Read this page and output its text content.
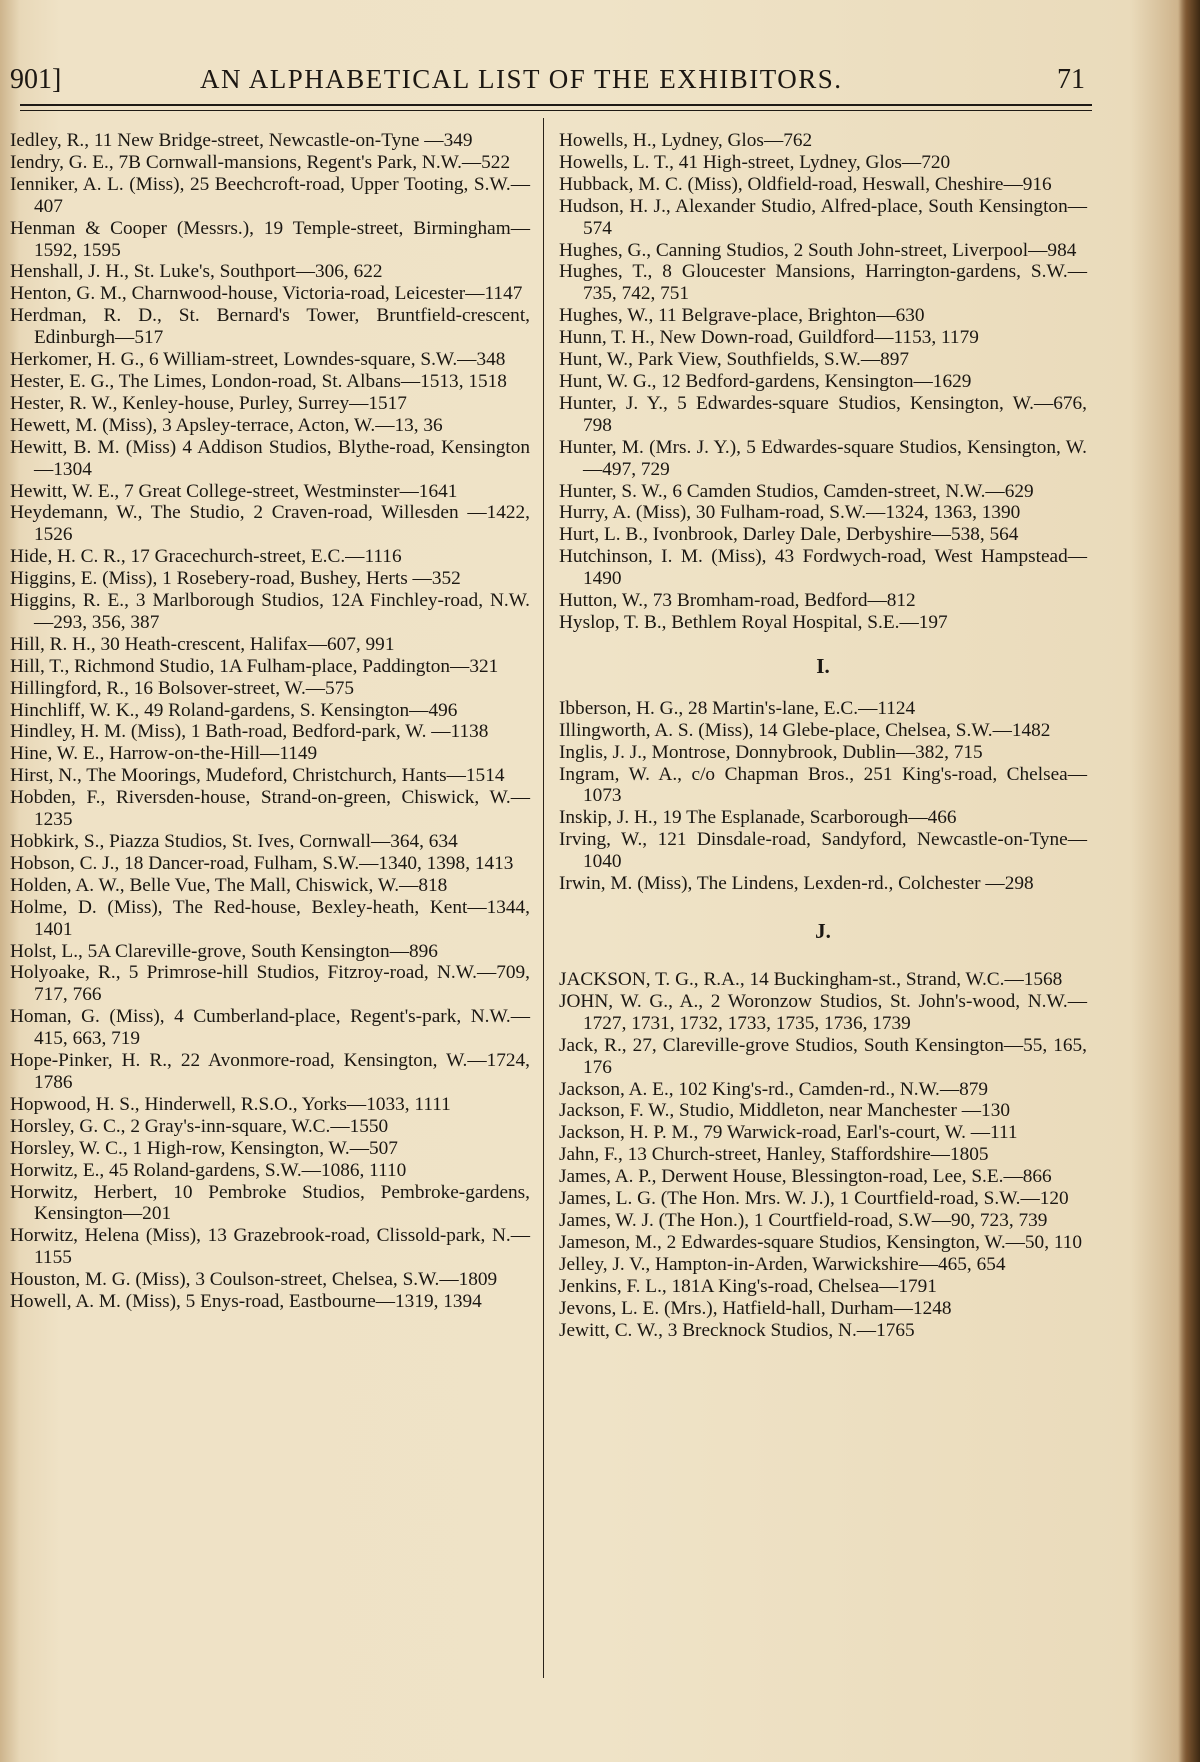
901]	AN ALPHABETICAL LIST OF THE EXHIBITORS.	71

Iedley, R., 11 New Bridge-street, Newcastle-on-Tyne —349

Iendry, G. E., 7B Cornwall-mansions, Regent's Park, N.W.—522

Ienniker, A. L. (Miss), 25 Beechcroft-road, Upper Tooting, S.W.—407

Henman & Cooper (Messrs.), 19 Temple-street, Birmingham—1592, 1595

Henshall, J. H., St. Luke's, Southport—306, 622

Henton, G. M., Charnwood-house, Victoria-road, Leicester—1147

Herdman, R. D., St. Bernard's Tower, Bruntfield-crescent, Edinburgh—517

Herkomer, H. G., 6 William-street, Lowndes-square, S.W.—348

Hester, E. G., The Limes, London-road, St. Albans—1513, 1518

Hester, R. W., Kenley-house, Purley, Surrey—1517

Hewett, M. (Miss), 3 Apsley-terrace, Acton, W.—13, 36

Hewitt, B. M. (Miss) 4 Addison Studios, Blythe-road, Kensington—1304

Hewitt, W. E., 7 Great College-street, Westminster—1641

Heydemann, W., The Studio, 2 Craven-road, Willesden —1422, 1526

Hide, H. C. R., 17 Gracechurch-street, E.C.—1116

Higgins, E. (Miss), 1 Rosebery-road, Bushey, Herts —352

Higgins, R. E., 3 Marlborough Studios, 12A Finchley-road, N.W.—293, 356, 387

Hill, R. H., 30 Heath-crescent, Halifax—607, 991

Hill, T., Richmond Studio, 1A Fulham-place, Paddington—321

Hillingford, R., 16 Bolsover-street, W.—575

Hinchliff, W. K., 49 Roland-gardens, S. Kensington—496

Hindley, H. M. (Miss), 1 Bath-road, Bedford-park, W. —1138

Hine, W. E., Harrow-on-the-Hill—1149

Hirst, N., The Moorings, Mudeford, Christchurch, Hants—1514

Hobden, F., Riversden-house, Strand-on-green, Chiswick, W.—1235

Hobkirk, S., Piazza Studios, St. Ives, Cornwall—364, 634

Hobson, C. J., 18 Dancer-road, Fulham, S.W.—1340, 1398, 1413

Holden, A. W., Belle Vue, The Mall, Chiswick, W.—818

Holme, D. (Miss), The Red-house, Bexley-heath, Kent—1344, 1401

Holst, L., 5A Clareville-grove, South Kensington—896

Holyoake, R., 5 Primrose-hill Studios, Fitzroy-road, N.W.—709, 717, 766

Homan, G. (Miss), 4 Cumberland-place, Regent's-park, N.W.—415, 663, 719

Hope-Pinker, H. R., 22 Avonmore-road, Kensington, W.—1724, 1786

Hopwood, H. S., Hinderwell, R.S.O., Yorks—1033, 1111

Horsley, G. C., 2 Gray's-inn-square, W.C.—1550

Horsley, W. C., 1 High-row, Kensington, W.—507

Horwitz, E., 45 Roland-gardens, S.W.—1086, 1110

Horwitz, Herbert, 10 Pembroke Studios, Pembroke-gardens, Kensington—201

Horwitz, Helena (Miss), 13 Grazebrook-road, Clissold-park, N.—1155

Houston, M. G. (Miss), 3 Coulson-street, Chelsea, S.W.—1809

Howell, A. M. (Miss), 5 Enys-road, Eastbourne—1319, 1394

Howells, H., Lydney, Glos—762

Howells, L. T., 41 High-street, Lydney, Glos—720

Hubback, M. C. (Miss), Oldfield-road, Heswall, Cheshire—916

Hudson, H. J., Alexander Studio, Alfred-place, South Kensington—574

Hughes, G., Canning Studios, 2 South John-street, Liverpool—984

Hughes, T., 8 Gloucester Mansions, Harrington-gardens, S.W.—735, 742, 751

Hughes, W., 11 Belgrave-place, Brighton—630

Hunn, T. H., New Down-road, Guildford—1153, 1179

Hunt, W., Park View, Southfields, S.W.—897

Hunt, W. G., 12 Bedford-gardens, Kensington—1629

Hunter, J. Y., 5 Edwardes-square Studios, Kensington, W.—676, 798

Hunter, M. (Mrs. J. Y.), 5 Edwardes-square Studios, Kensington, W.—497, 729

Hunter, S. W., 6 Camden Studios, Camden-street, N.W.—629

Hurry, A. (Miss), 30 Fulham-road, S.W.—1324, 1363, 1390

Hurt, L. B., Ivonbrook, Darley Dale, Derbyshire—538, 564

Hutchinson, I. M. (Miss), 43 Fordwych-road, West Hampstead—1490

Hutton, W., 73 Bromham-road, Bedford—812

Hyslop, T. B., Bethlem Royal Hospital, S.E.—197

I.

Ibberson, H. G., 28 Martin's-lane, E.C.—1124

Illingworth, A. S. (Miss), 14 Glebe-place, Chelsea, S.W.—1482

Inglis, J. J., Montrose, Donnybrook, Dublin—382, 715

Ingram, W. A., c/o Chapman Bros., 251 King's-road, Chelsea—1073

Inskip, J. H., 19 The Esplanade, Scarborough—466

Irving, W., 121 Dinsdale-road, Sandyford, Newcastle-on-Tyne—1040

Irwin, M. (Miss), The Lindens, Lexden-rd., Colchester —298

J.

JACKSON, T. G., R.A., 14 Buckingham-st., Strand, W.C.—1568

JOHN, W. G., A., 2 Woronzow Studios, St. John's-wood, N.W.—1727, 1731, 1732, 1733, 1735, 1736, 1739

Jack, R., 27, Clareville-grove Studios, South Kensington—55, 165, 176

Jackson, A. E., 102 King's-rd., Camden-rd., N.W.—879

Jackson, F. W., Studio, Middleton, near Manchester —130

Jackson, H. P. M., 79 Warwick-road, Earl's-court, W. —111

Jahn, F., 13 Church-street, Hanley, Staffordshire—1805

James, A. P., Derwent House, Blessington-road, Lee, S.E.—866

James, L. G. (The Hon. Mrs. W. J.), 1 Courtfield-road, S.W.—120

James, W. J. (The Hon.), 1 Courtfield-road, S.W—90, 723, 739

Jameson, M., 2 Edwardes-square Studios, Kensington, W.—50, 110

Jelley, J. V., Hampton-in-Arden, Warwickshire—465, 654

Jenkins, F. L., 181A King's-road, Chelsea—1791

Jevons, L. E. (Mrs.), Hatfield-hall, Durham—1248

Jewitt, C. W., 3 Brecknock Studios, N.—1765
